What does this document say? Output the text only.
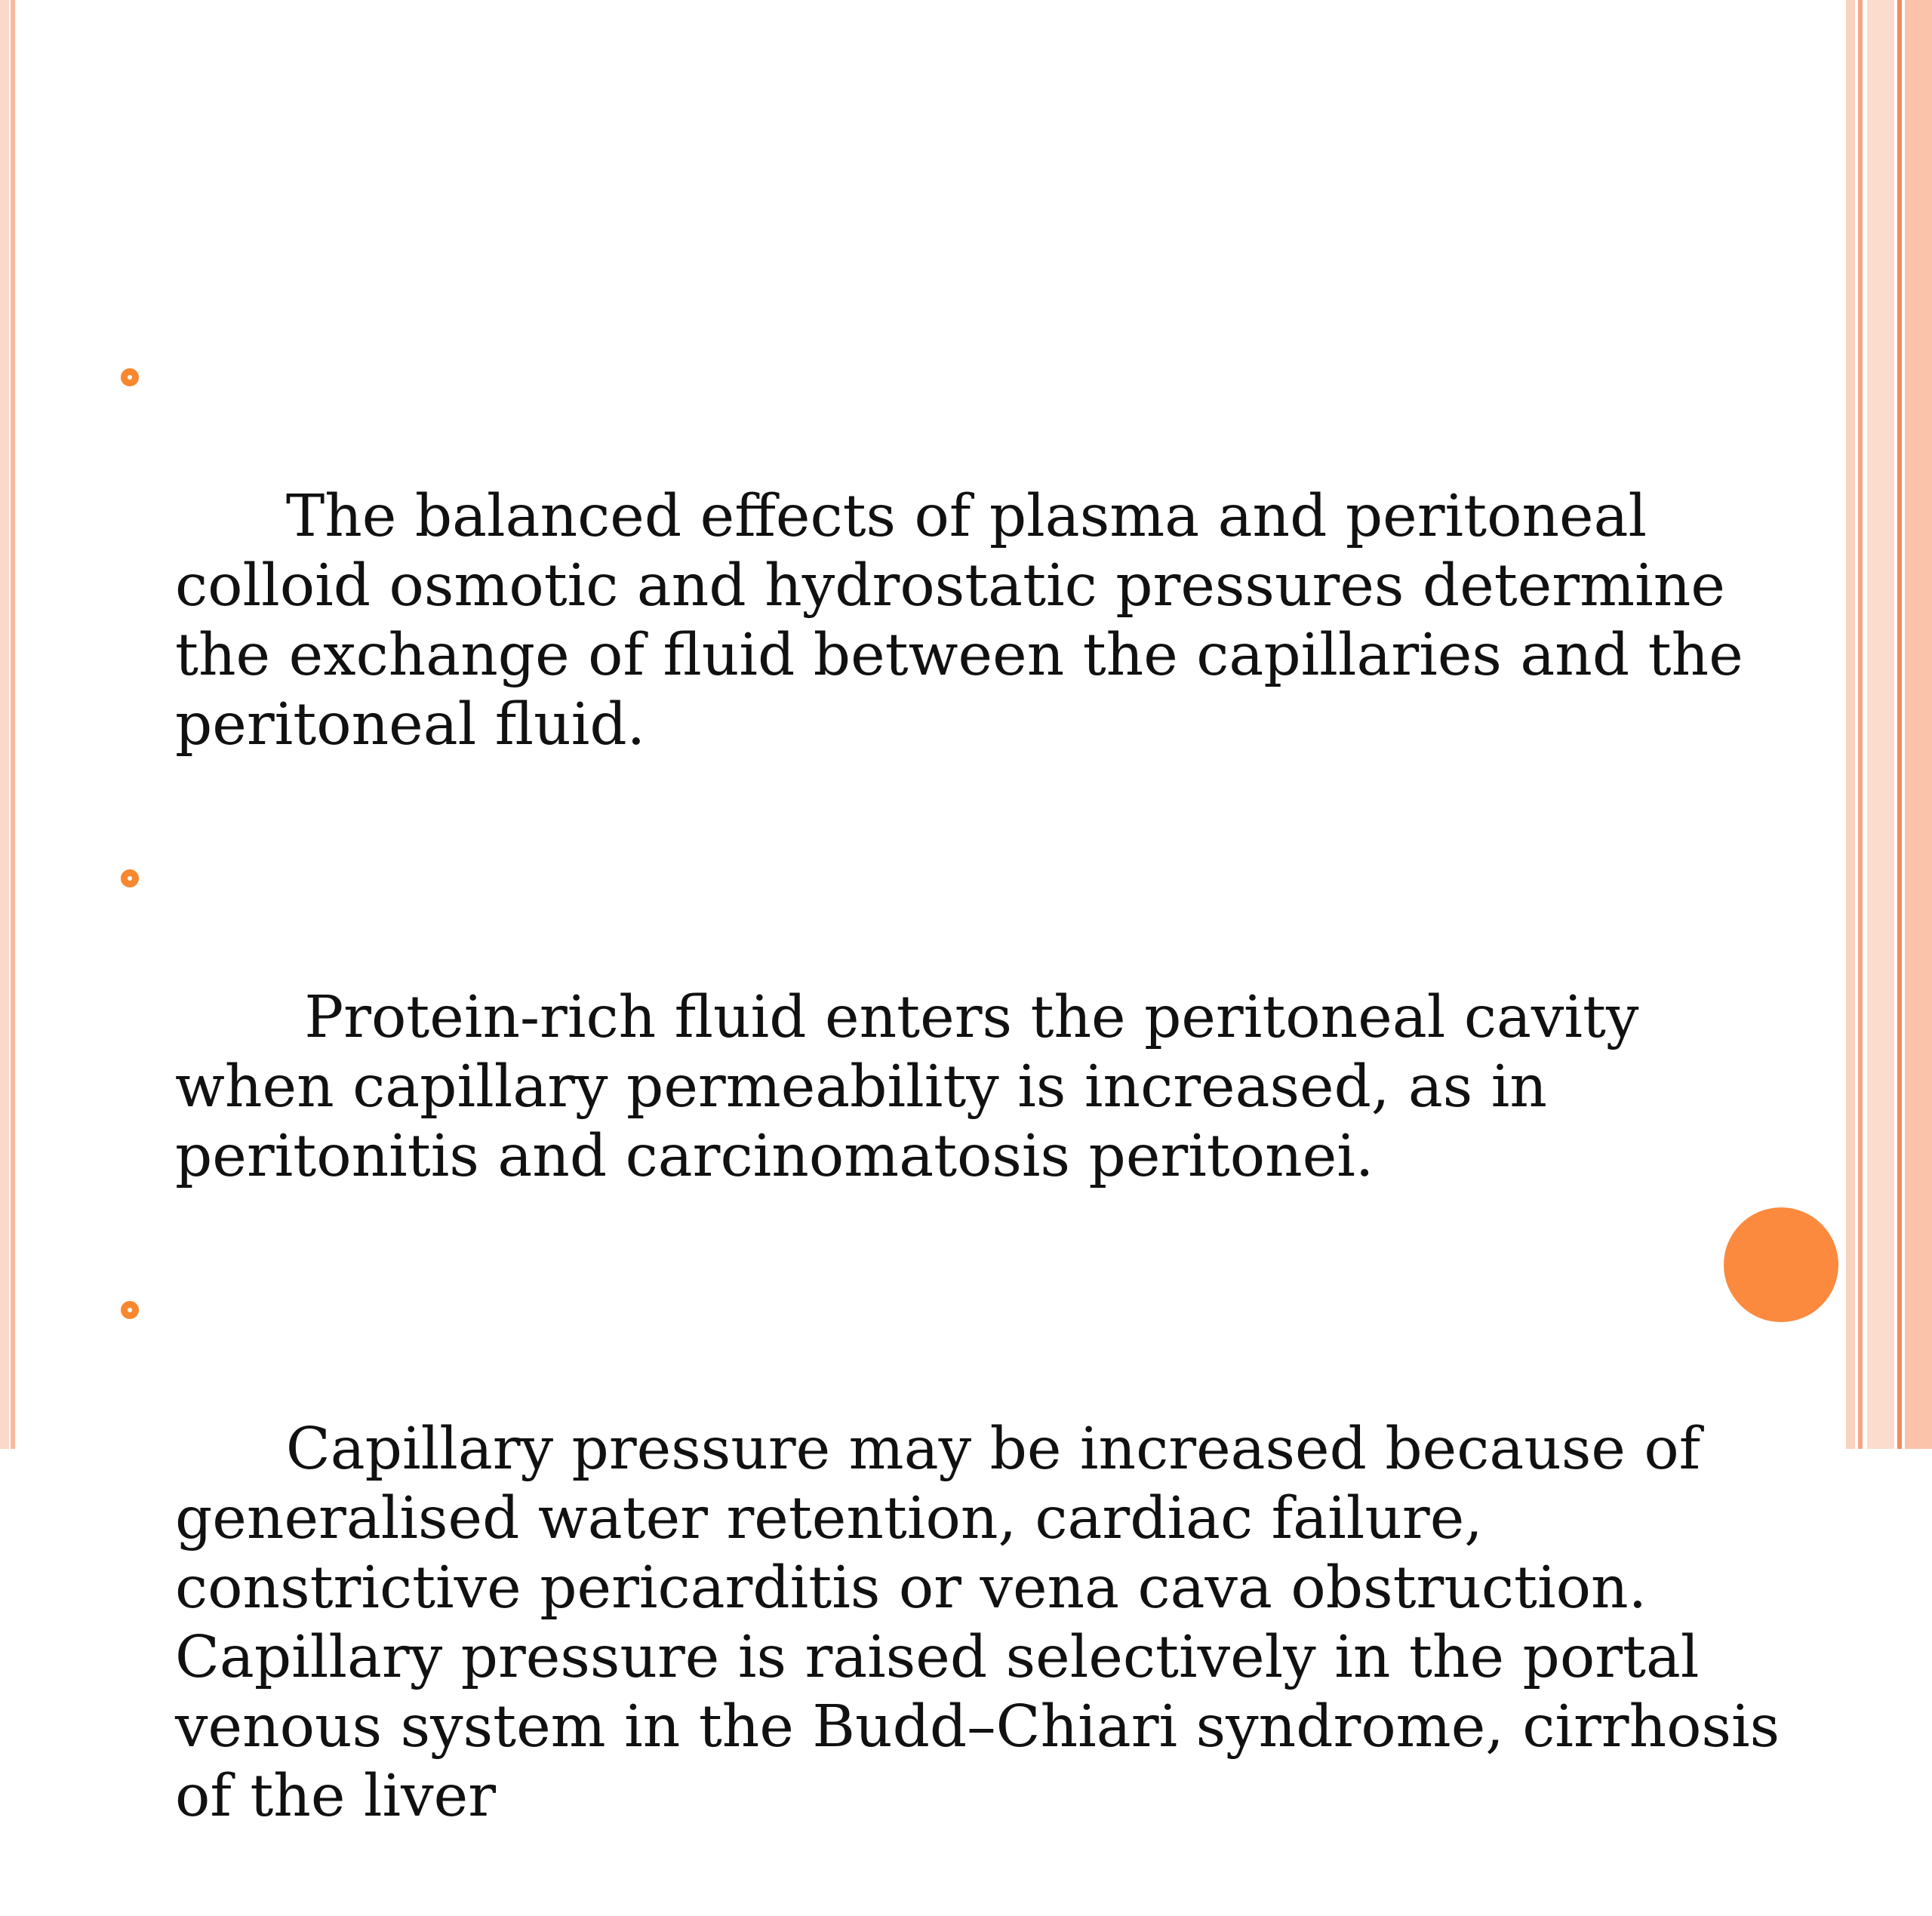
The balanced effects of plasma and peritoneal colloid osmotic and hydrostatic pressures determine the exchange of fluid between the capillaries and the peritoneal fluid.

Protein-rich fluid enters the peritoneal cavity when capillary permeability is increased, as in peritonitis and carcinomatosis peritonei.

Capillary pressure may be increased because of generalised water retention, cardiac failure, constrictive pericarditis or vena cava obstruction. Capillary pressure is raised selectively in the portal venous system in the Budd–Chiari syndrome, cirrhosis of the liver
